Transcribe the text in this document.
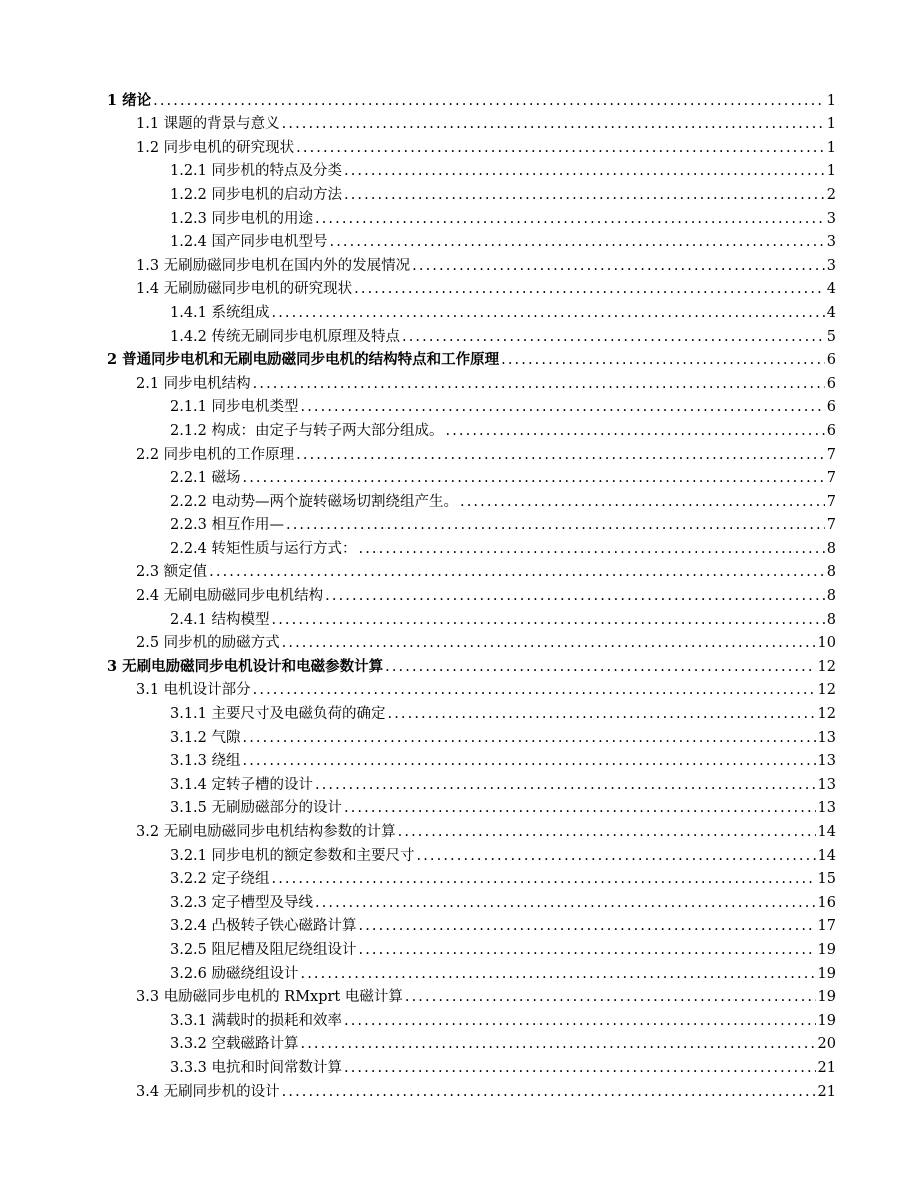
1 绪论 .....	1
1.1 课题的背景与意义 .....	1
1.2 同步电机的研究现状 .....	1
1.2.1 同步机的特点及分类 .....	1
1.2.2 同步电机的启动方法 .....	2
1.2.3 同步电机的用途 .....	3
1.2.4 国产同步电机型号 .....	3
1.3 无刷励磁同步电机在国内外的发展情况 .....	3
1.4 无刷励磁同步电机的研究现状 .....	4
1.4.1 系统组成 .....	4
1.4.2 传统无刷同步电机原理及特点 .....	5
2 普通同步电机和无刷电励磁同步电机的结构特点和工作原理 .....	6
2.1 同步电机结构 .....	6
2.1.1 同步电机类型 .....	6
2.1.2 构成：由定子与转子两大部分组成。 .....	6
2.2 同步电机的工作原理 .....	7
2.2.1 磁场 .....	7
2.2.2 电动势—两个旋转磁场切割绕组产生。 .....	7
2.2.3 相互作用— .....	7
2.2.4 转矩性质与运行方式： .....	8
2.3 额定值 .....	8
2.4 无刷电励磁同步电机结构 .....	8
2.4.1 结构模型 .....	8
2.5 同步机的励磁方式 .....	10
3 无刷电励磁同步电机设计和电磁参数计算 .....	12
3.1 电机设计部分 .....	12
3.1.1 主要尺寸及电磁负荷的确定 .....	12
3.1.2 气隙 .....	13
3.1.3 绕组 .....	13
3.1.4 定转子槽的设计 .....	13
3.1.5 无刷励磁部分的设计 .....	13
3.2 无刷电励磁同步电机结构参数的计算 .....	14
3.2.1 同步电机的额定参数和主要尺寸 .....	14
3.2.2 定子绕组 .....	15
3.2.3 定子槽型及导线 .....	16
3.2.4 凸极转子铁心磁路计算 .....	17
3.2.5 阻尼槽及阻尼绕组设计 .....	19
3.2.6 励磁绕组设计 .....	19
3.3 电励磁同步电机的 RMxprt 电磁计算 .....	19
3.3.1 满载时的损耗和效率 .....	19
3.3.2 空载磁路计算 .....	20
3.3.3 电抗和时间常数计算 .....	21
3.4 无刷同步机的设计 .....	21
